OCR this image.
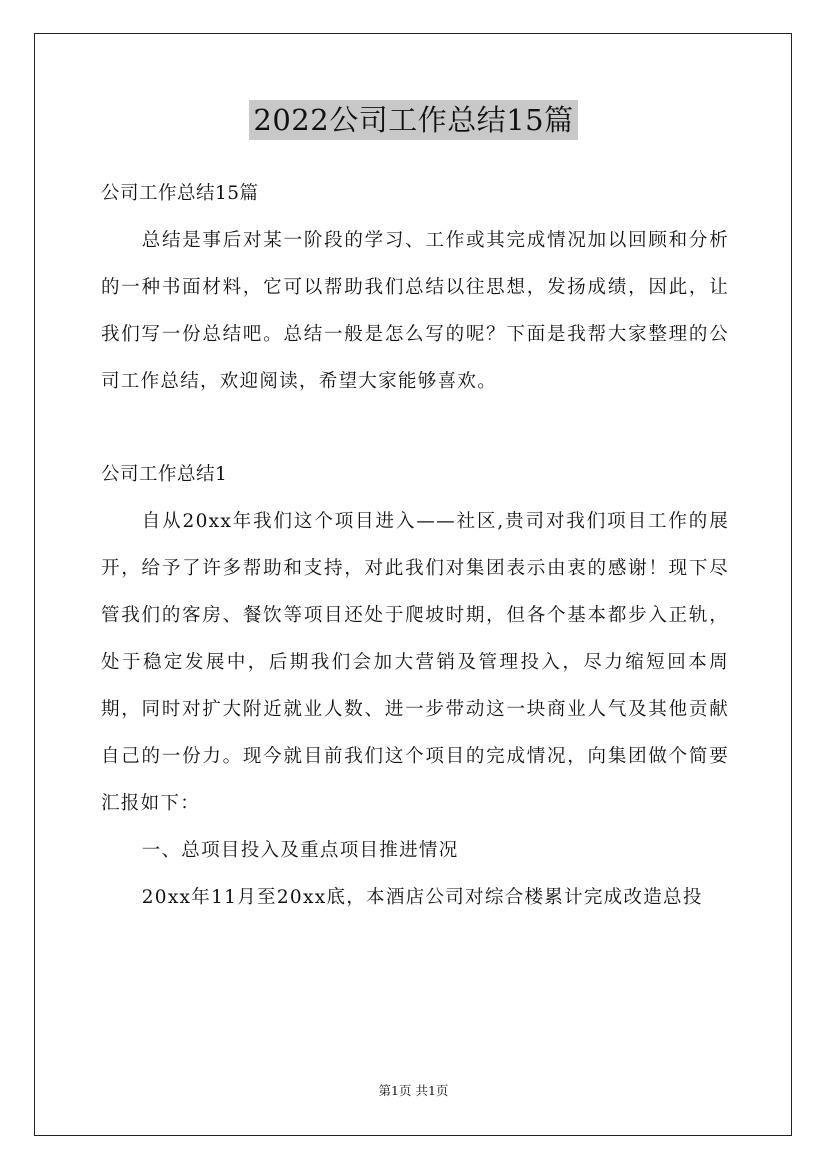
2022公司工作总结15篇

公司工作总结15篇

总结是事后对某一阶段的学习、工作或其完成情况加以回顾和分析的一种书面材料，它可以帮助我们总结以往思想，发扬成绩，因此，让我们写一份总结吧。总结一般是怎么写的呢？下面是我帮大家整理的公司工作总结，欢迎阅读，希望大家能够喜欢。

公司工作总结1

自从20xx年我们这个项目进入——社区,贵司对我们项目工作的展开，给予了许多帮助和支持，对此我们对集团表示由衷的感谢！现下尽管我们的客房、餐饮等项目还处于爬坡时期，但各个基本都步入正轨，处于稳定发展中，后期我们会加大营销及管理投入，尽力缩短回本周期，同时对扩大附近就业人数、进一步带动这一块商业人气及其他贡献自己的一份力。现今就目前我们这个项目的完成情况，向集团做个简要汇报如下：

一、总项目投入及重点项目推进情况

20xx年11月至20xx底，本酒店公司对综合楼累计完成改造总投

第1页 共1页
